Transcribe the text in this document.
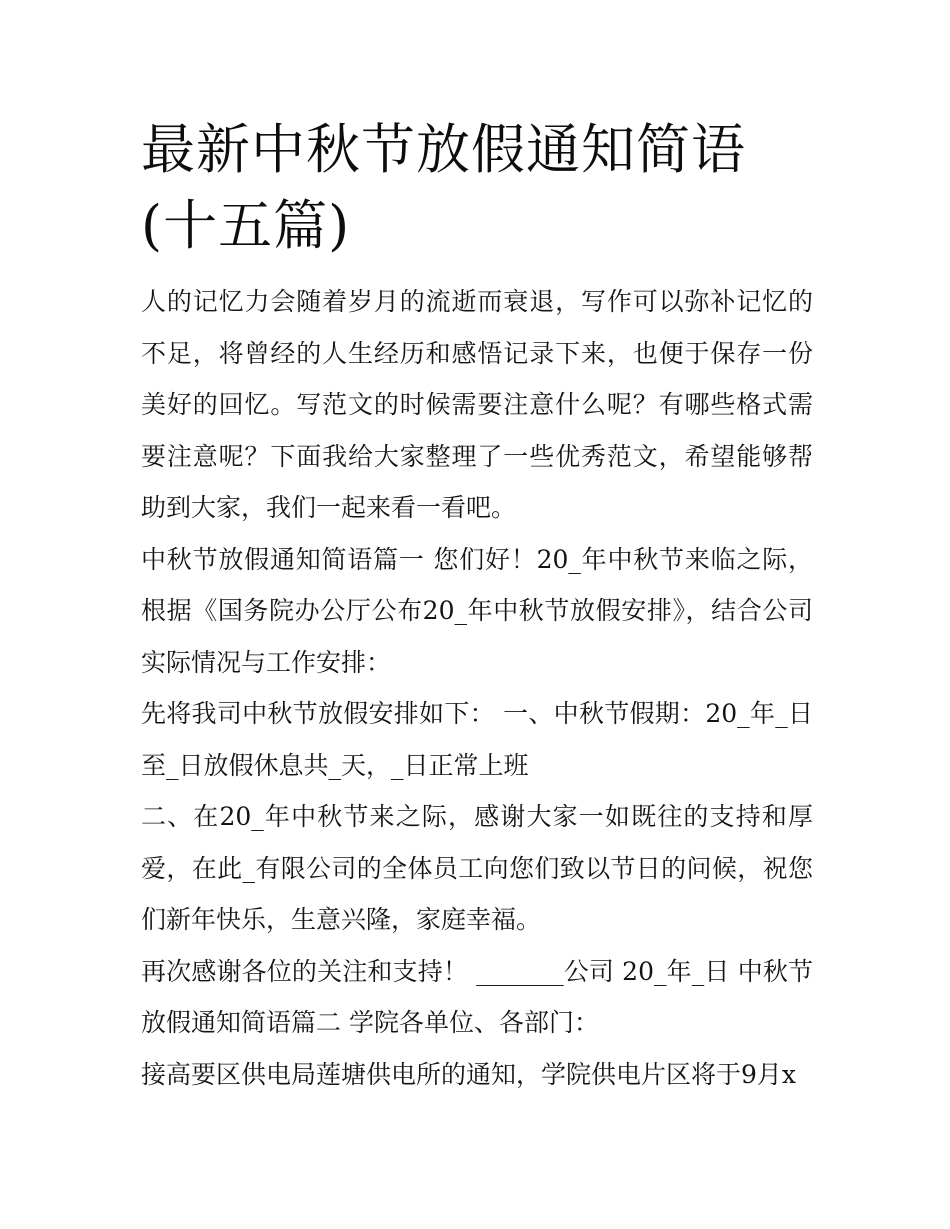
最新中秋节放假通知简语(十五篇)

人的记忆力会随着岁月的流逝而衰退，写作可以弥补记忆的不足，将曾经的人生经历和感悟记录下来，也便于保存一份美好的回忆。写范文的时候需要注意什么呢？有哪些格式需要注意呢？下面我给大家整理了一些优秀范文，希望能够帮助到大家，我们一起来看一看吧。

中秋节放假通知简语篇一 您们好！20_年中秋节来临之际，根据《国务院办公厅公布20_年中秋节放假安排》，结合公司实际情况与工作安排：

先将我司中秋节放假安排如下： 一、中秋节假期：20_年_日至_日放假休息共_天，_日正常上班

二、在20_年中秋节来之际，感谢大家一如既往的支持和厚爱，在此_有限公司的全体员工向您们致以节日的问候，祝您们新年快乐，生意兴隆，家庭幸福。

再次感谢各位的关注和支持！ _______公司 20_年_日 中秋节放假通知简语篇二 学院各单位、各部门：

接高要区供电局莲塘供电所的通知，学院供电片区将于9月x
